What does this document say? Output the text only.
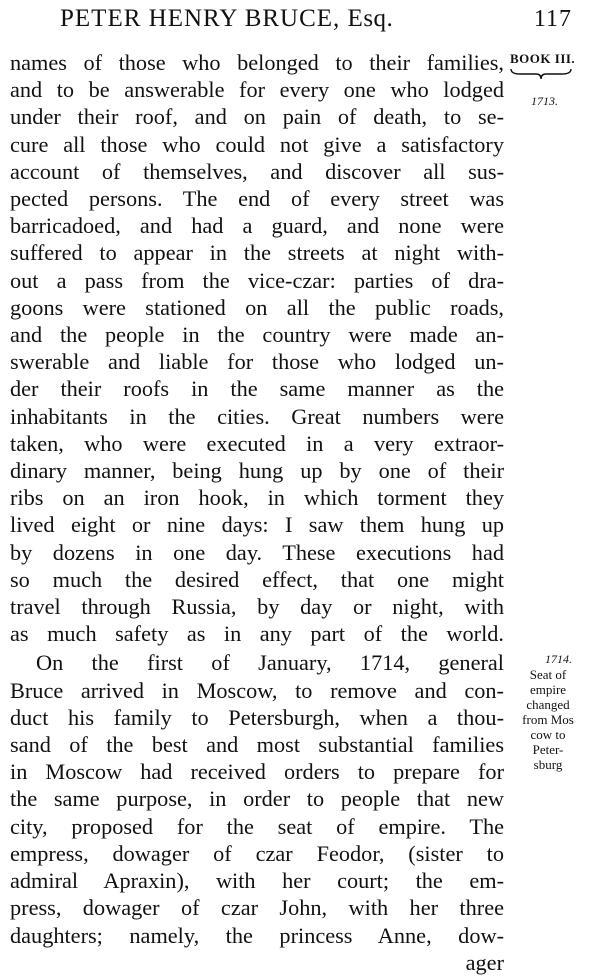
PETER HENRY BRUCE, Esq.	117
BOOK III.
1713.
1714.
Seat of
empire
changed
from Mos
cow to
Peter-
sburg
names of those who belonged to their families,
and to be answerable for every one who lodged
under their roof, and on pain of death, to se-
cure all those who could not give a satisfactory
account of themselves, and discover all sus-
pected persons. The end of every street was
barricadoed, and had a guard, and none were
suffered to appear in the streets at night with-
out a pass from the vice-czar: parties of dra-
goons were stationed on all the public roads,
and the people in the country were made an-
swerable and liable for those who lodged un-
der their roofs in the same manner as the
inhabitants in the cities. Great numbers were
taken, who were executed in a very extraor-
dinary manner, being hung up by one of their
ribs on an iron hook, in which torment they
lived eight or nine days: I saw them hung up
by dozens in one day. These executions had
so much the desired effect, that one might
travel through Russia, by day or night, with
as much safety as in any part of the world.
On the first of January, 1714, general
Bruce arrived in Moscow, to remove and con-
duct his family to Petersburgh, when a thou-
sand of the best and most substantial families
in Moscow had received orders to prepare for
the same purpose, in order to people that new
city, proposed for the seat of empire. The
empress, dowager of czar Feodor, (sister to
admiral Apraxin), with her court; the em-
press, dowager of czar John, with her three
daughters; namely, the princess Anne, dow-
ager
